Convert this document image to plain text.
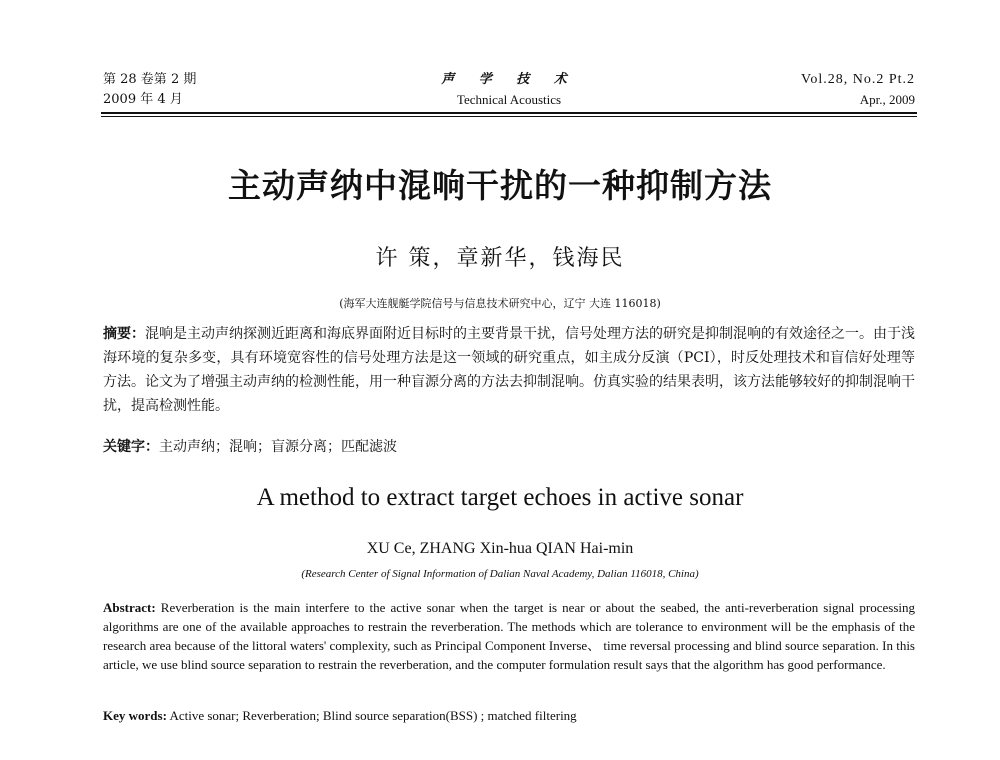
第 28 卷第 2 期
2009 年 4 月
声 学 技 术
Technical Acoustics
Vol.28, No.2 Pt.2
Apr., 2009
主动声纳中混响干扰的一种抑制方法
许 策，章新华，钱海民
(海军大连舰艇学院信号与信息技术研究中心，辽宁 大连 116018)
摘要：混响是主动声纳探测近距离和海底界面附近目标时的主要背景干扰，信号处理方法的研究是抑制混响的有效途径之一。由于浅海环境的复杂多变，具有环境宽容性的信号处理方法是这一领域的研究重点，如主成分反演（PCI），时反处理技术和盲信好处理等方法。论文为了增强主动声纳的检测性能，用一种盲源分离的方法去抑制混响。仿真实验的结果表明，该方法能够较好的抑制混响干扰，提高检测性能。
关键字：主动声纳；混响；盲源分离；匹配滤波
A method to extract target echoes in active sonar
XU Ce, ZHANG Xin-hua QIAN Hai-min
(Research Center of Signal Information of Dalian Naval Academy, Dalian 116018, China)
Abstract: Reverberation is the main interfere to the active sonar when the target is near or about the seabed, the anti-reverberation signal processing algorithms are one of the available approaches to restrain the reverberation. The methods which are tolerance to environment will be the emphasis of the research area because of the littoral waters' complexity, such as Principal Component Inverse、 time reversal processing and blind source separation. In this article, we use blind source separation to restrain the reverberation, and the computer formulation result says that the algorithm has good performance.
Key words: Active sonar; Reverberation; Blind source separation(BSS) ; matched filtering
